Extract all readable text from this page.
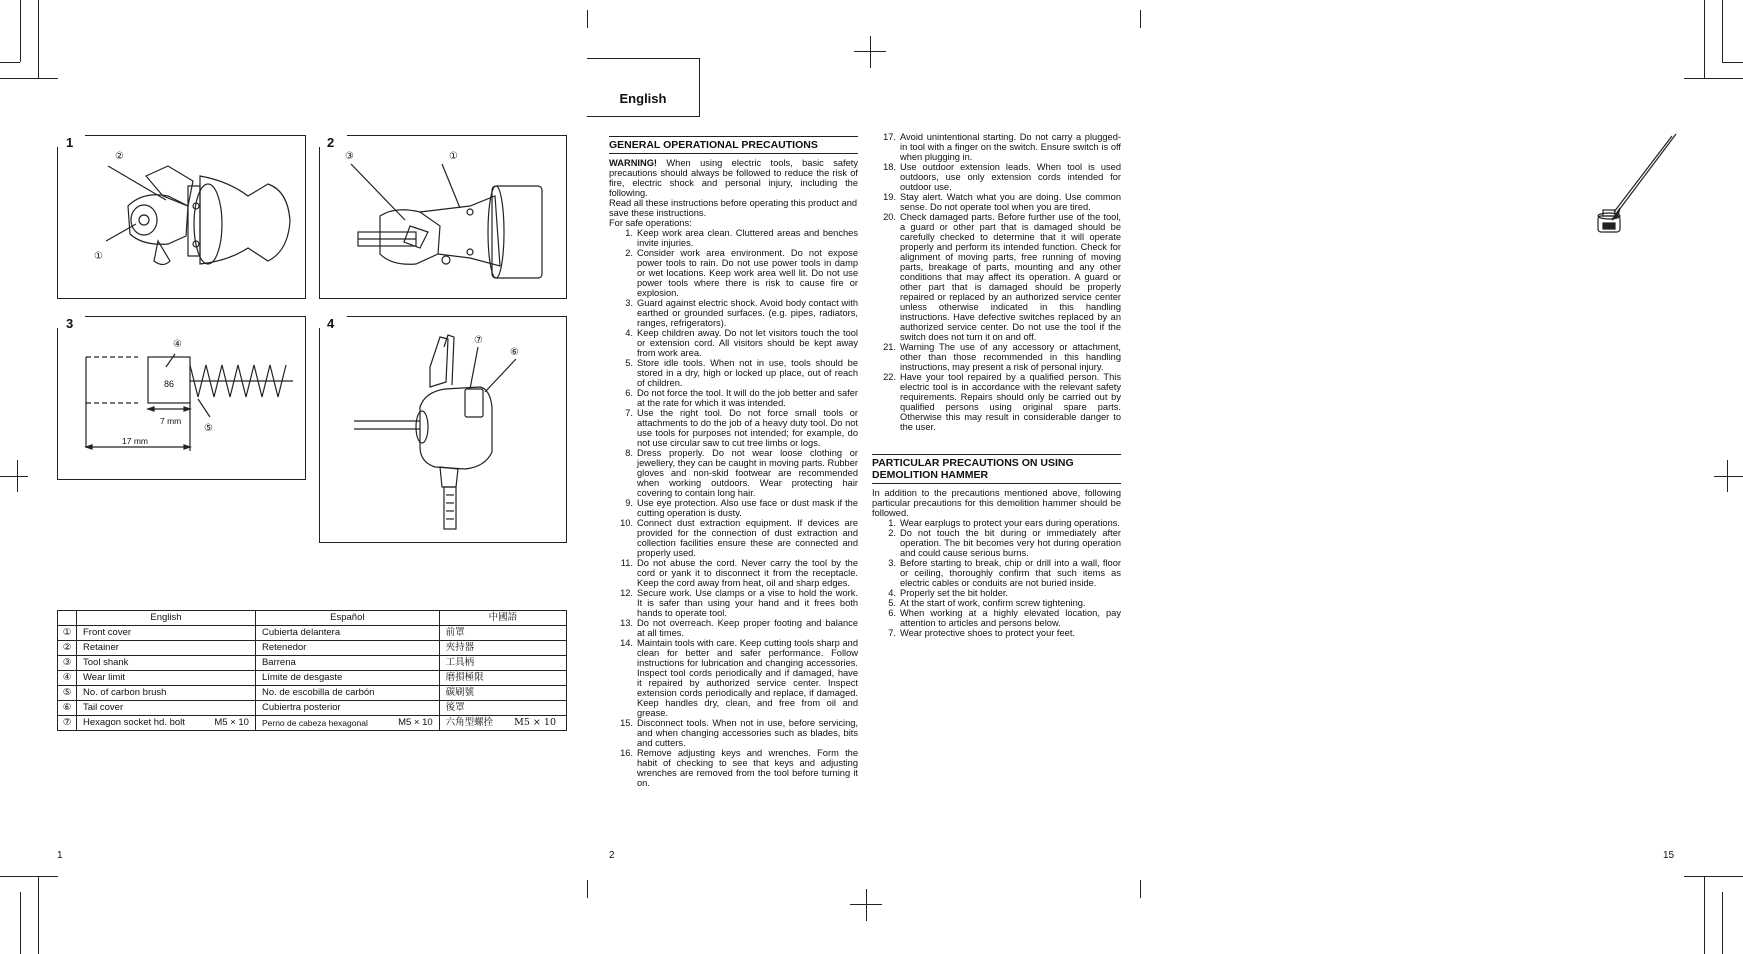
②
①
1
③	①
2
④
⑤
86
7 mm
17 mm
3
⑦
⑥
4
	English	Español	中國語
①	Front cover	Cubierta delantera	前罩
②	Retainer	Retenedor	夾持器
③	Tool shank	Barrena	工具柄
④	Wear limit	Límite de desgaste	磨損極限
⑤	No. of carbon brush	No. de escobilla de carbón	碳刷號
⑥	Tail cover	Cubiertra posterior	後罩
⑦	Hexagon socket hd. bolt M5 × 10	Perno de cabeza hexagonal M5 × 10	六角型螺拴 M5 × 10
1
English
GENERAL OPERATIONAL PRECAUTIONS

WARNING! When using electric tools, basic safety precautions should always be followed to reduce the risk of fire, electric shock and personal injury, including the following.

Read all these instructions before operating this product and save these instructions.

For safe operations:

1. Keep work area clean. Cluttered areas and benches invite injuries.
2. Consider work area environment. Do not expose power tools to rain. Do not use power tools in damp or wet locations. Keep work area well lit. Do not use power tools where there is risk to cause fire or explosion.
3. Guard against electric shock. Avoid body contact with earthed or grounded surfaces. (e.g. pipes, radiators, ranges, refrigerators).
4. Keep children away. Do not let visitors touch the tool or extension cord. All visitors should be kept away from work area.
5. Store idle tools. When not in use, tools should be stored in a dry, high or locked up place, out of reach of children.
6. Do not force the tool. It will do the job better and safer at the rate for which it was intended.
7. Use the right tool. Do not force small tools or attachments to do the job of a heavy duty tool. Do not use tools for purposes not intended; for example, do not use circular saw to cut tree limbs or logs.
8. Dress properly. Do not wear loose clothing or jewellery, they can be caught in moving parts. Rubber gloves and non-skid footwear are recommended when working outdoors. Wear protecting hair covering to contain long hair.
9. Use eye protection. Also use face or dust mask if the cutting operation is dusty.
10. Connect dust extraction equipment. If devices are provided for the connection of dust extraction and collection facilities ensure these are connected and properly used.
11. Do not abuse the cord. Never carry the tool by the cord or yank it to disconnect it from the receptacle. Keep the cord away from heat, oil and sharp edges.
12. Secure work. Use clamps or a vise to hold the work. It is safer than using your hand and it frees both hands to operate tool.
13. Do not overreach. Keep proper footing and balance at all times.
14. Maintain tools with care. Keep cutting tools sharp and clean for better and safer performance. Follow instructions for lubrication and changing accessories. Inspect tool cords periodically and if damaged, have it repaired by authorized service center. Inspect extension cords periodically and replace, if damaged. Keep handles dry, clean, and free from oil and grease.
15. Disconnect tools. When not in use, before servicing, and when changing accessories such as blades, bits and cutters.
16. Remove adjusting keys and wrenches. Form the habit of checking to see that keys and adjusting wrenches are removed from the tool before turning it on.
17. Avoid unintentional starting. Do not carry a plugged-in tool with a finger on the switch. Ensure switch is off when plugging in.
18. Use outdoor extension leads. When tool is used outdoors, use only extension cords intended for outdoor use.
19. Stay alert. Watch what you are doing. Use common sense. Do not operate tool when you are tired.
20. Check damaged parts. Before further use of the tool, a guard or other part that is damaged should be carefully checked to determine that it will operate properly and perform its intended function. Check for alignment of moving parts, free running of moving parts, breakage of parts, mounting and any other conditions that may affect its operation. A guard or other part that is damaged should be properly repaired or replaced by an authorized service center unless otherwise indicated in this handling instructions. Have defective switches replaced by an authorized service center. Do not use the tool if the switch does not turn it on and off.
21. Warning The use of any accessory or attachment, other than those recommended in this handling instructions, may present a risk of personal injury.
22. Have your tool repaired by a qualified person. This electric tool is in accordance with the relevant safety requirements. Repairs should only be carried out by qualified persons using original spare parts. Otherwise this may result in considerable danger to the user.
PARTICULAR PRECAUTIONS ON USING DEMOLITION HAMMER

In addition to the precautions mentioned above, following particular precautions for this demolition hammer should be followed.

1. Wear earplugs to protect your ears during operations.
2. Do not touch the bit during or immediately after operation. The bit becomes very hot during operation and could cause serious burns.
3. Before starting to break, chip or drill into a wall, floor or ceiling, thoroughly confirm that such items as electric cables or conduits are not buried inside.
4. Properly set the bit holder.
5. At the start of work, confirm screw tightening.
6. When working at a highly elevated location, pay attention to articles and persons below.
7. Wear protective shoes to protect your feet.
2	15
